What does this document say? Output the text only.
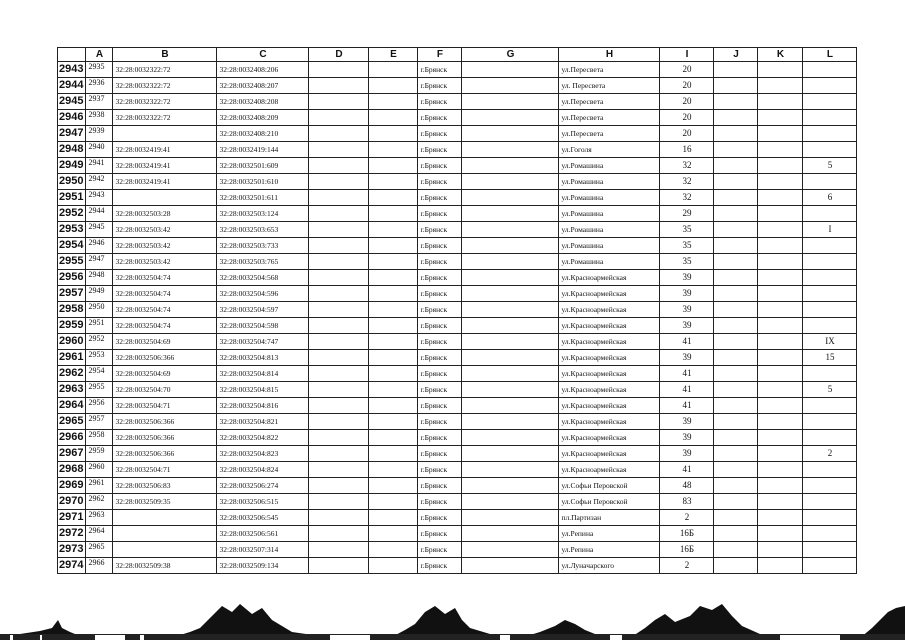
	A	B	C	D	E	F	G	H	I	J	K	L
2943	2935	32:28:0032322:72	32:28:0032408:206			г.Брянск		ул.Пересвета	20			
2944	2936	32:28:0032322:72	32:28:0032408:207			г.Брянск		ул. Пересвета	20			
2945	2937	32:28:0032322:72	32:28:0032408:208			г.Брянск		ул.Пересвета	20			
2946	2938	32:28:0032322:72	32:28:0032408:209			г.Брянск		ул.Пересвета	20			
2947	2939		32:28:0032408:210			г.Брянск		ул.Пересвета	20			
2948	2940	32:28:0032419:41	32:28:0032419:144			г.Брянск		ул.Гоголя	16			
2949	2941	32:28:0032419:41	32:28:0032501:609			г.Брянск		ул.Ромашина	32			5
2950	2942	32:28:0032419:41	32:28:0032501:610			г.Брянск		ул.Ромашина	32			
2951	2943		32:28:0032501:611			г.Брянск		ул.Ромашина	32			6
2952	2944	32:28:0032503:28	32:28:0032503:124			г.Брянск		ул.Ромашина	29			
2953	2945	32:28:0032503:42	32:28:0032503:653			г.Брянск		ул.Ромашина	35			I
2954	2946	32:28:0032503:42	32:28:0032503:733			г.Брянск		ул.Ромашина	35			
2955	2947	32:28:0032503:42	32:28:0032503:765			г.Брянск		ул.Ромашина	35			
2956	2948	32:28:0032504:74	32:28:0032504:568			г.Брянск		ул.Красноармейская	39			
2957	2949	32:28:0032504:74	32:28:0032504:596			г.Брянск		ул.Красноармейская	39			
2958	2950	32:28:0032504:74	32:28:0032504:597			г.Брянск		ул.Красноармейская	39			
2959	2951	32:28:0032504:74	32:28:0032504:598			г.Брянск		ул.Красноармейская	39			
2960	2952	32:28:0032504:69	32:28:0032504:747			г.Брянск		ул.Красноармейская	41			IX
2961	2953	32:28:0032506:366	32:28:0032504:813			г.Брянск		ул.Красноармейская	39			15
2962	2954	32:28:0032504:69	32:28:0032504:814			г.Брянск		ул.Красноармейская	41			
2963	2955	32:28:0032504:70	32:28:0032504:815			г.Брянск		ул.Красноармейская	41			5
2964	2956	32:28:0032504:71	32:28:0032504:816			г.Брянск		ул.Красноармейская	41			
2965	2957	32:28:0032506:366	32:28:0032504:821			г.Брянск		ул.Красноармейская	39			
2966	2958	32:28:0032506:366	32:28:0032504:822			г.Брянск		ул.Красноармейская	39			
2967	2959	32:28:0032506:366	32:28:0032504:823			г.Брянск		ул.Красноармейская	39			2
2968	2960	32:28:0032504:71	32:28:0032504:824			г.Брянск		ул.Красноармейская	41			
2969	2961	32:28:0032506:83	32:28:0032506:274			г.Брянск		ул.Софьи Перовской	48			
2970	2962	32:28:0032509:35	32:28:0032506:515			г.Брянск		ул.Софьи Перовской	83			
2971	2963		32:28:0032506:545			г.Брянск		пл.Партизан	2			
2972	2964		32:28:0032506:561			г.Брянск		ул.Репина	16Б			
2973	2965		32:28:0032507:314			г.Брянск		ул.Репина	16Б			
2974	2966	32:28:0032509:38	32:28:0032509:134			г.Брянск		ул.Луначарского	2			
